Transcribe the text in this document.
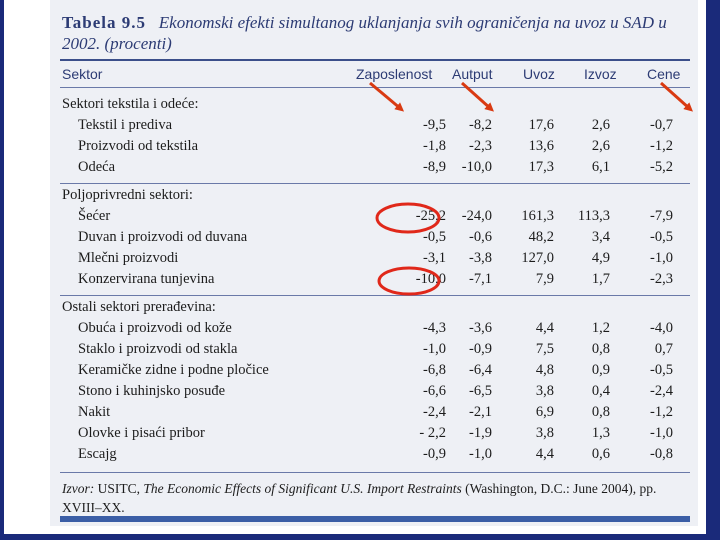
Tabela 9.5 Ekonomski efekti simultanog uklanjanja svih ograničenja na uvoz u SAD u 2002. (procenti)
Sektor	Zaposlenost Autput Uvoz Izvoz Cene
Sektori tekstila i odeće:
Tekstil i prediva	-9,5 -8,2	17,6	2,6	-0,7
Proizvodi od tekstila	-1,8 -2,3	13,6	2,6	-1,2
Odeća	-8,9 -10,0	17,3	6,1	-5,2
Poljoprivredni sektori:
Šećer	-25,2 -24,0 161,3 113,3	-7,9
Duvan i proizvodi od duvana	-0,5 -0,6	48,2	3,4	-0,5
Mlečni proizvodi	-3,1 -3,8 127,0	4,9	-1,0
Konzervirana tunjevina	-10,0 -7,1	7,9	1,7	-2,3
Ostali sektori prerađevina:
Obuća i proizvodi od kože	-4,3 -3,6	4,4	1,2	-4,0
Staklo i proizvodi od stakla	-1,0 -0,9	7,5	0,8	0,7
Keramičke zidne i podne pločice	-6,8 -6,4	4,8	0,9	-0,5
Stono i kuhinjsko posuđe	-6,6 -6,5	3,8	0,4	-2,4
Nakit	-2,4 -2,1	6,9	0,8	-1,2
Olovke i pisaći pribor	- 2,2 -1,9	3,8	1,3	-1,0
Escajg	-0,9 -1,0	4,4	0,6	-0,8
Izvor: USITC, The Economic Effects of Significant U.S. Import Restraints (Washington, D.C.: June 2004), pp. XVIII–XX.
